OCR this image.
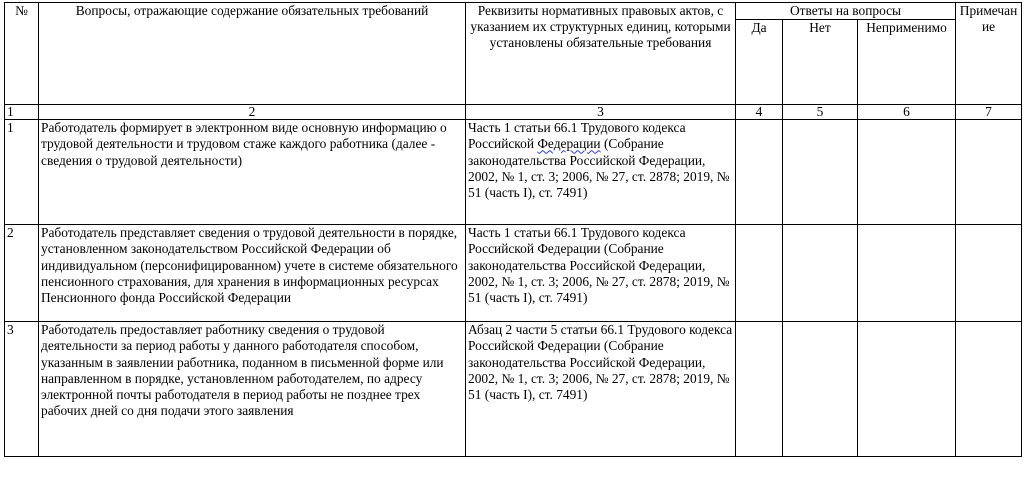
№	Вопросы, отражающие содержание обязательных требований	Реквизиты нормативных правовых актов, с указанием их структурных единиц, которыми установлены обязательные требования	Ответы на вопросы			Примечание
			Да	Нет	Неприменимо	
1	2	3	4	5	6	7
1	Работодатель формирует в электронном виде основную информацию о трудовой деятельности и трудовом стаже каждого работника (далее - сведения о трудовой деятельности)	Часть 1 статьи 66.1 Трудового кодекса Российской Федерации (Собрание законодательства Российской Федерации, 2002, № 1, ст. 3; 2006, № 27, ст. 2878; 2019, № 51 (часть I), ст. 7491)				
2	Работодатель представляет сведения о трудовой деятельности в порядке, установленном законодательством Российской Федерации об индивидуальном (персонифицированном) учете в системе обязательного пенсионного страхования, для хранения в информационных ресурсах Пенсионного фонда Российской Федерации	Часть 1 статьи 66.1 Трудового кодекса Российской Федерации (Собрание законодательства Российской Федерации, 2002, № 1, ст. 3; 2006, № 27, ст. 2878; 2019, № 51 (часть I), ст. 7491)				
3	Работодатель предоставляет работнику сведения о трудовой деятельности за период работы у данного работодателя способом, указанным в заявлении работника, поданном в письменной форме или направленном в порядке, установленном работодателем, по адресу электронной почты работодателя в период работы не позднее трех рабочих дней со дня подачи этого заявления	Абзац 2 части 5 статьи 66.1 Трудового кодекса Российской Федерации (Собрание законодательства Российской Федерации, 2002, № 1, ст. 3; 2006, № 27, ст. 2878; 2019, № 51 (часть I), ст. 7491)				
